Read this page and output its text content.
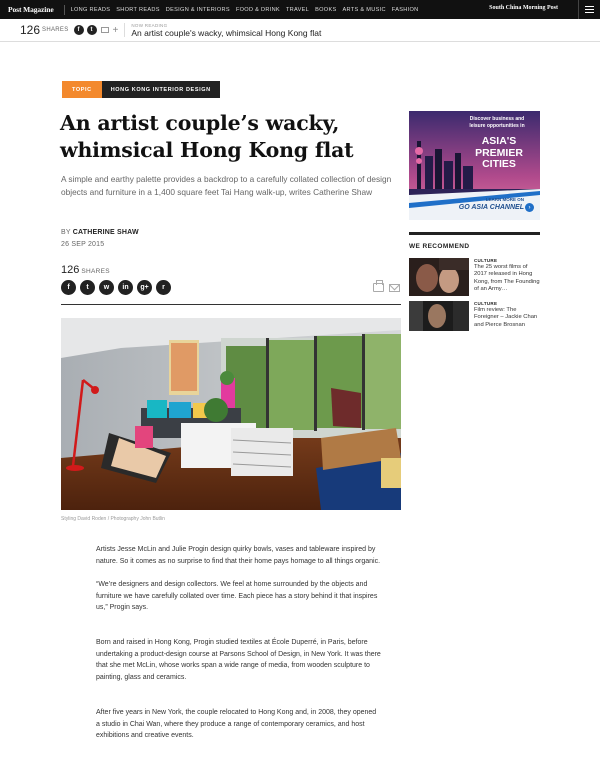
Post Magazine	LONG READS SHORT READS DESIGN & INTERIORS FOOD & DRINK TRAVEL BOOKS ARTS & MUSIC FASHION	South China Morning Post
126 SHARES	f	t	+	NOW READING
An artist couple's wacky, whimsical Hong Kong flat
TOPIC	HONG KONG INTERIOR DESIGN
An artist couple’s wacky, whimsical Hong Kong flat

A simple and earthy palette provides a backdrop to a carefully collated collection of design objects and furniture in a 1,400 square feet Tai Hang walk-up, writes Catherine Shaw

BY CATHERINE SHAW
26 SEP 2015
126 SHARES
f	t	w	in	g+	r
Styling David Roden / Photography John Butlin

Artists Jesse McLin and Julie Progin design quirky bowls, vases and tableware inspired by nature. So it comes as no surprise to find that their home pays homage to all things organic.

“We’re designers and design collectors. We feel at home surrounded by the objects and furniture we have carefully collated over time. Each piece has a story behind it that inspires us,” Progin says.

Born and raised in Hong Kong, Progin studied textiles at École Duperré, in Paris, before undertaking a product-design course at Parsons School of Design, in New York. It was there that she met McLin, whose works span a wide range of media, from wooden sculpture to painting, glass and ceramics.

After five years in New York, the couple relocated to Hong Kong and, in 2008, they opened a studio in Chai Wan, where they produce a range of contemporary ceramics, and host exhibitions and creative events.

Discover business and leisure opportunities in
ASIA'S PREMIER CITIES
LEARN MORE ON
GO ASIA CHANNEL ›
WE RECOMMEND
CULTURE
The 25 worst films of 2017 released in Hong Kong, from The Founding of an Army…
CULTURE
Film review: The Foreigner – Jackie Chan and Pierce Brosnan
